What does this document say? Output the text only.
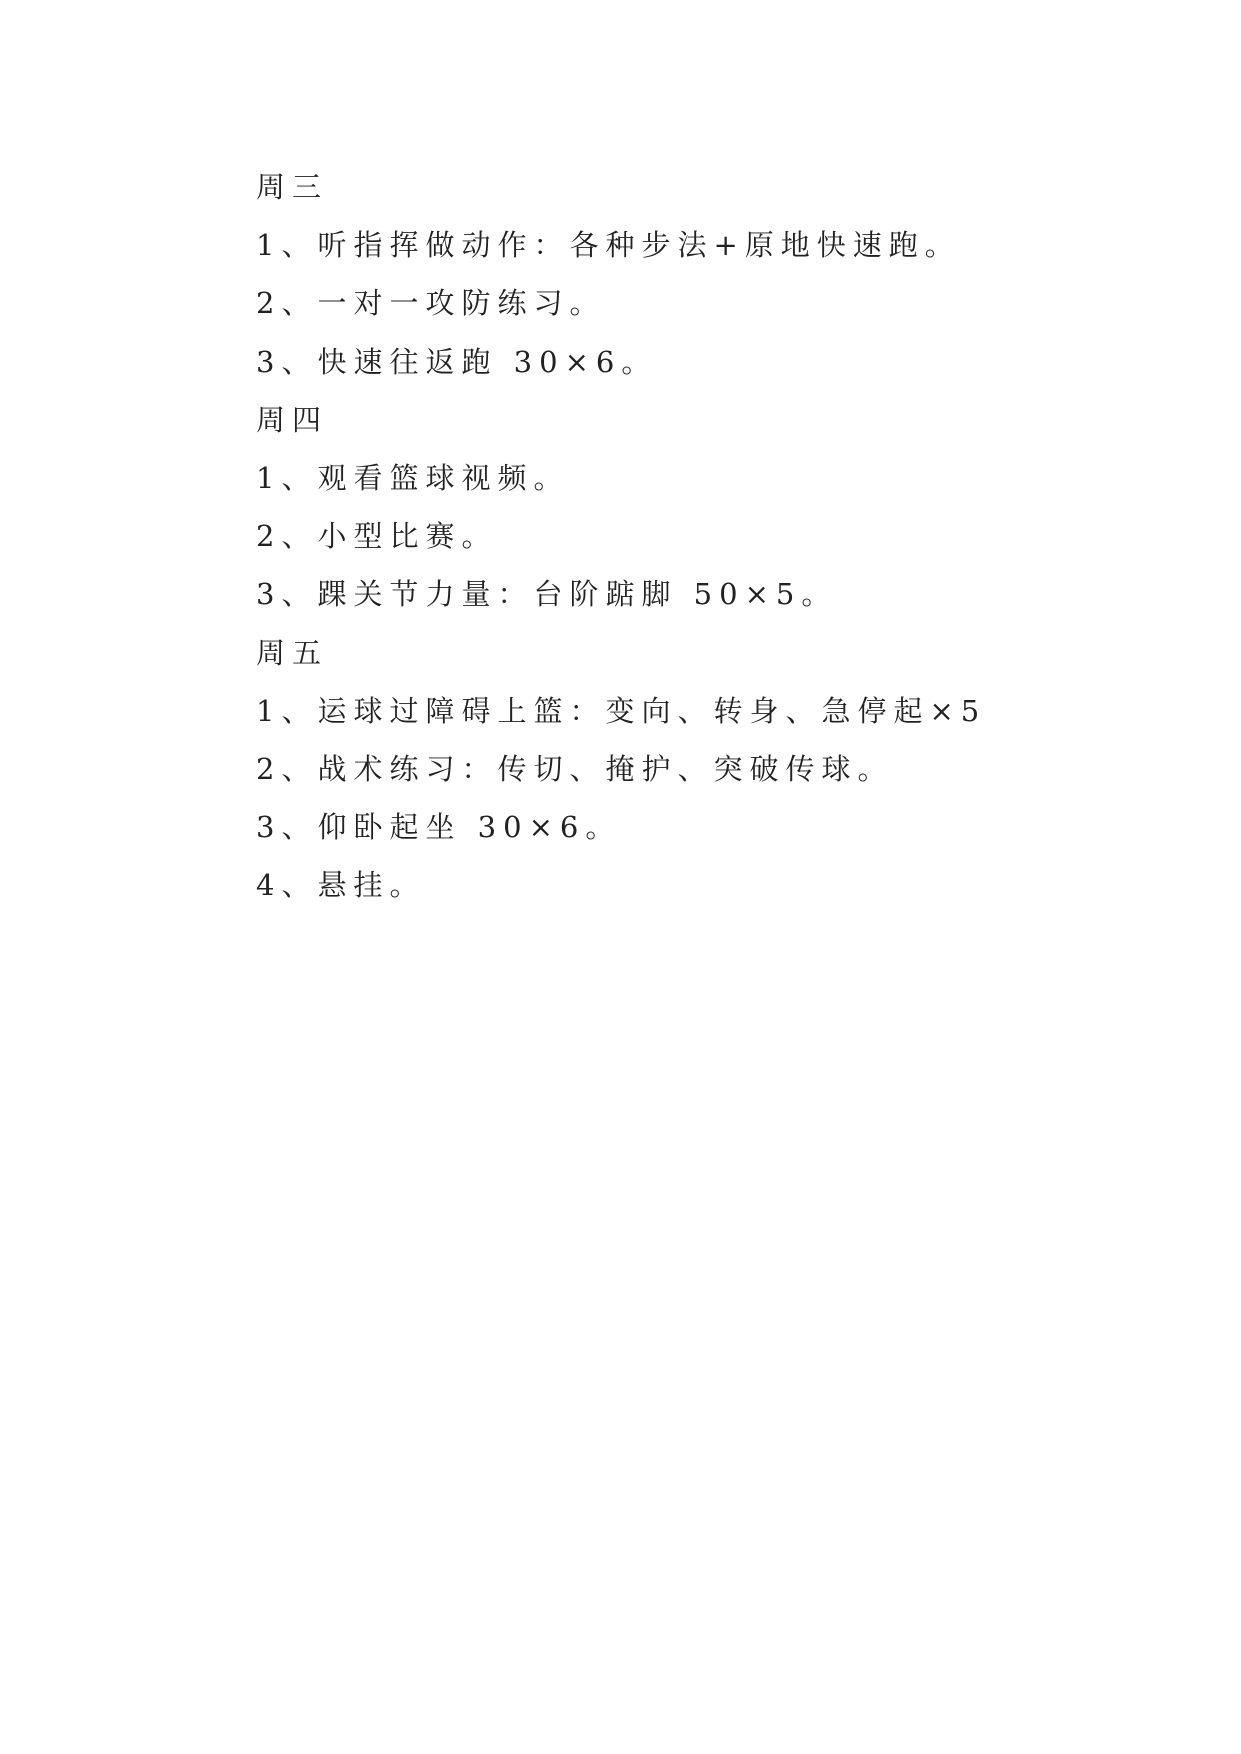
周三
1、听指挥做动作：各种步法+原地快速跑。
2、一对一攻防练习。
3、快速往返跑 30×6。
周四
1、观看篮球视频。
2、小型比赛。
3、踝关节力量：台阶踮脚 50×5。
周五
1、运球过障碍上篮：变向、转身、急停起×5
2、战术练习：传切、掩护、突破传球。
3、仰卧起坐 30×6。
4、悬挂。
